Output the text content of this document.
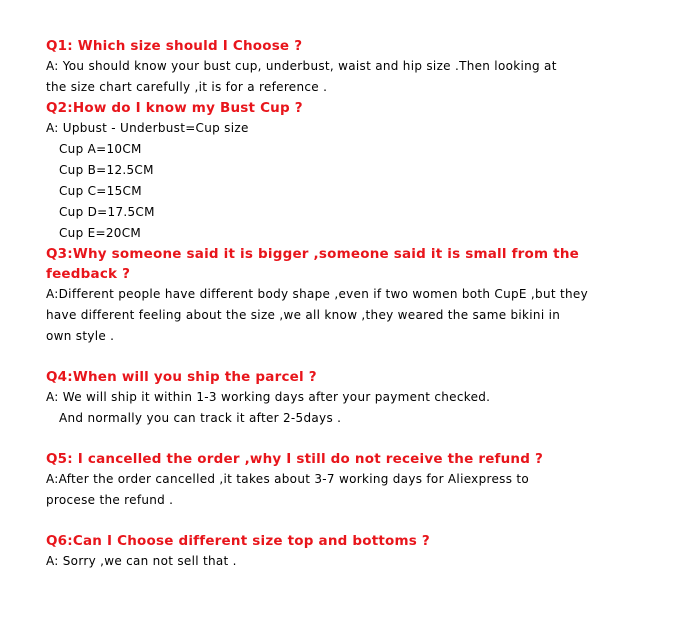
Q1: Which size should I Choose ?

A: You should know your bust cup, underbust, waist and hip size .Then looking at

the size chart carefully ,it is for a reference .

Q2:How do I know my Bust Cup ?

A: Upbust - Underbust=Cup size

Cup A=10CM

Cup B=12.5CM

Cup C=15CM

Cup D=17.5CM

Cup E=20CM

Q3:Why someone said it is bigger ,someone said it is small from the

feedback ?

A:Different people have different body shape ,even if two women both CupE ,but they

have different feeling about the size ,we all know ,they weared the same bikini in

own style .

Q4:When will you ship the parcel ?

A: We will ship it within 1-3 working days after your payment checked.

And normally you can track it after 2-5days .

Q5: I cancelled the order ,why I still do not receive the refund ?

A:After the order cancelled ,it takes about 3-7 working days for Aliexpress to

procese the refund .

Q6:Can I Choose different size top and bottoms ?

A: Sorry ,we can not sell that .
